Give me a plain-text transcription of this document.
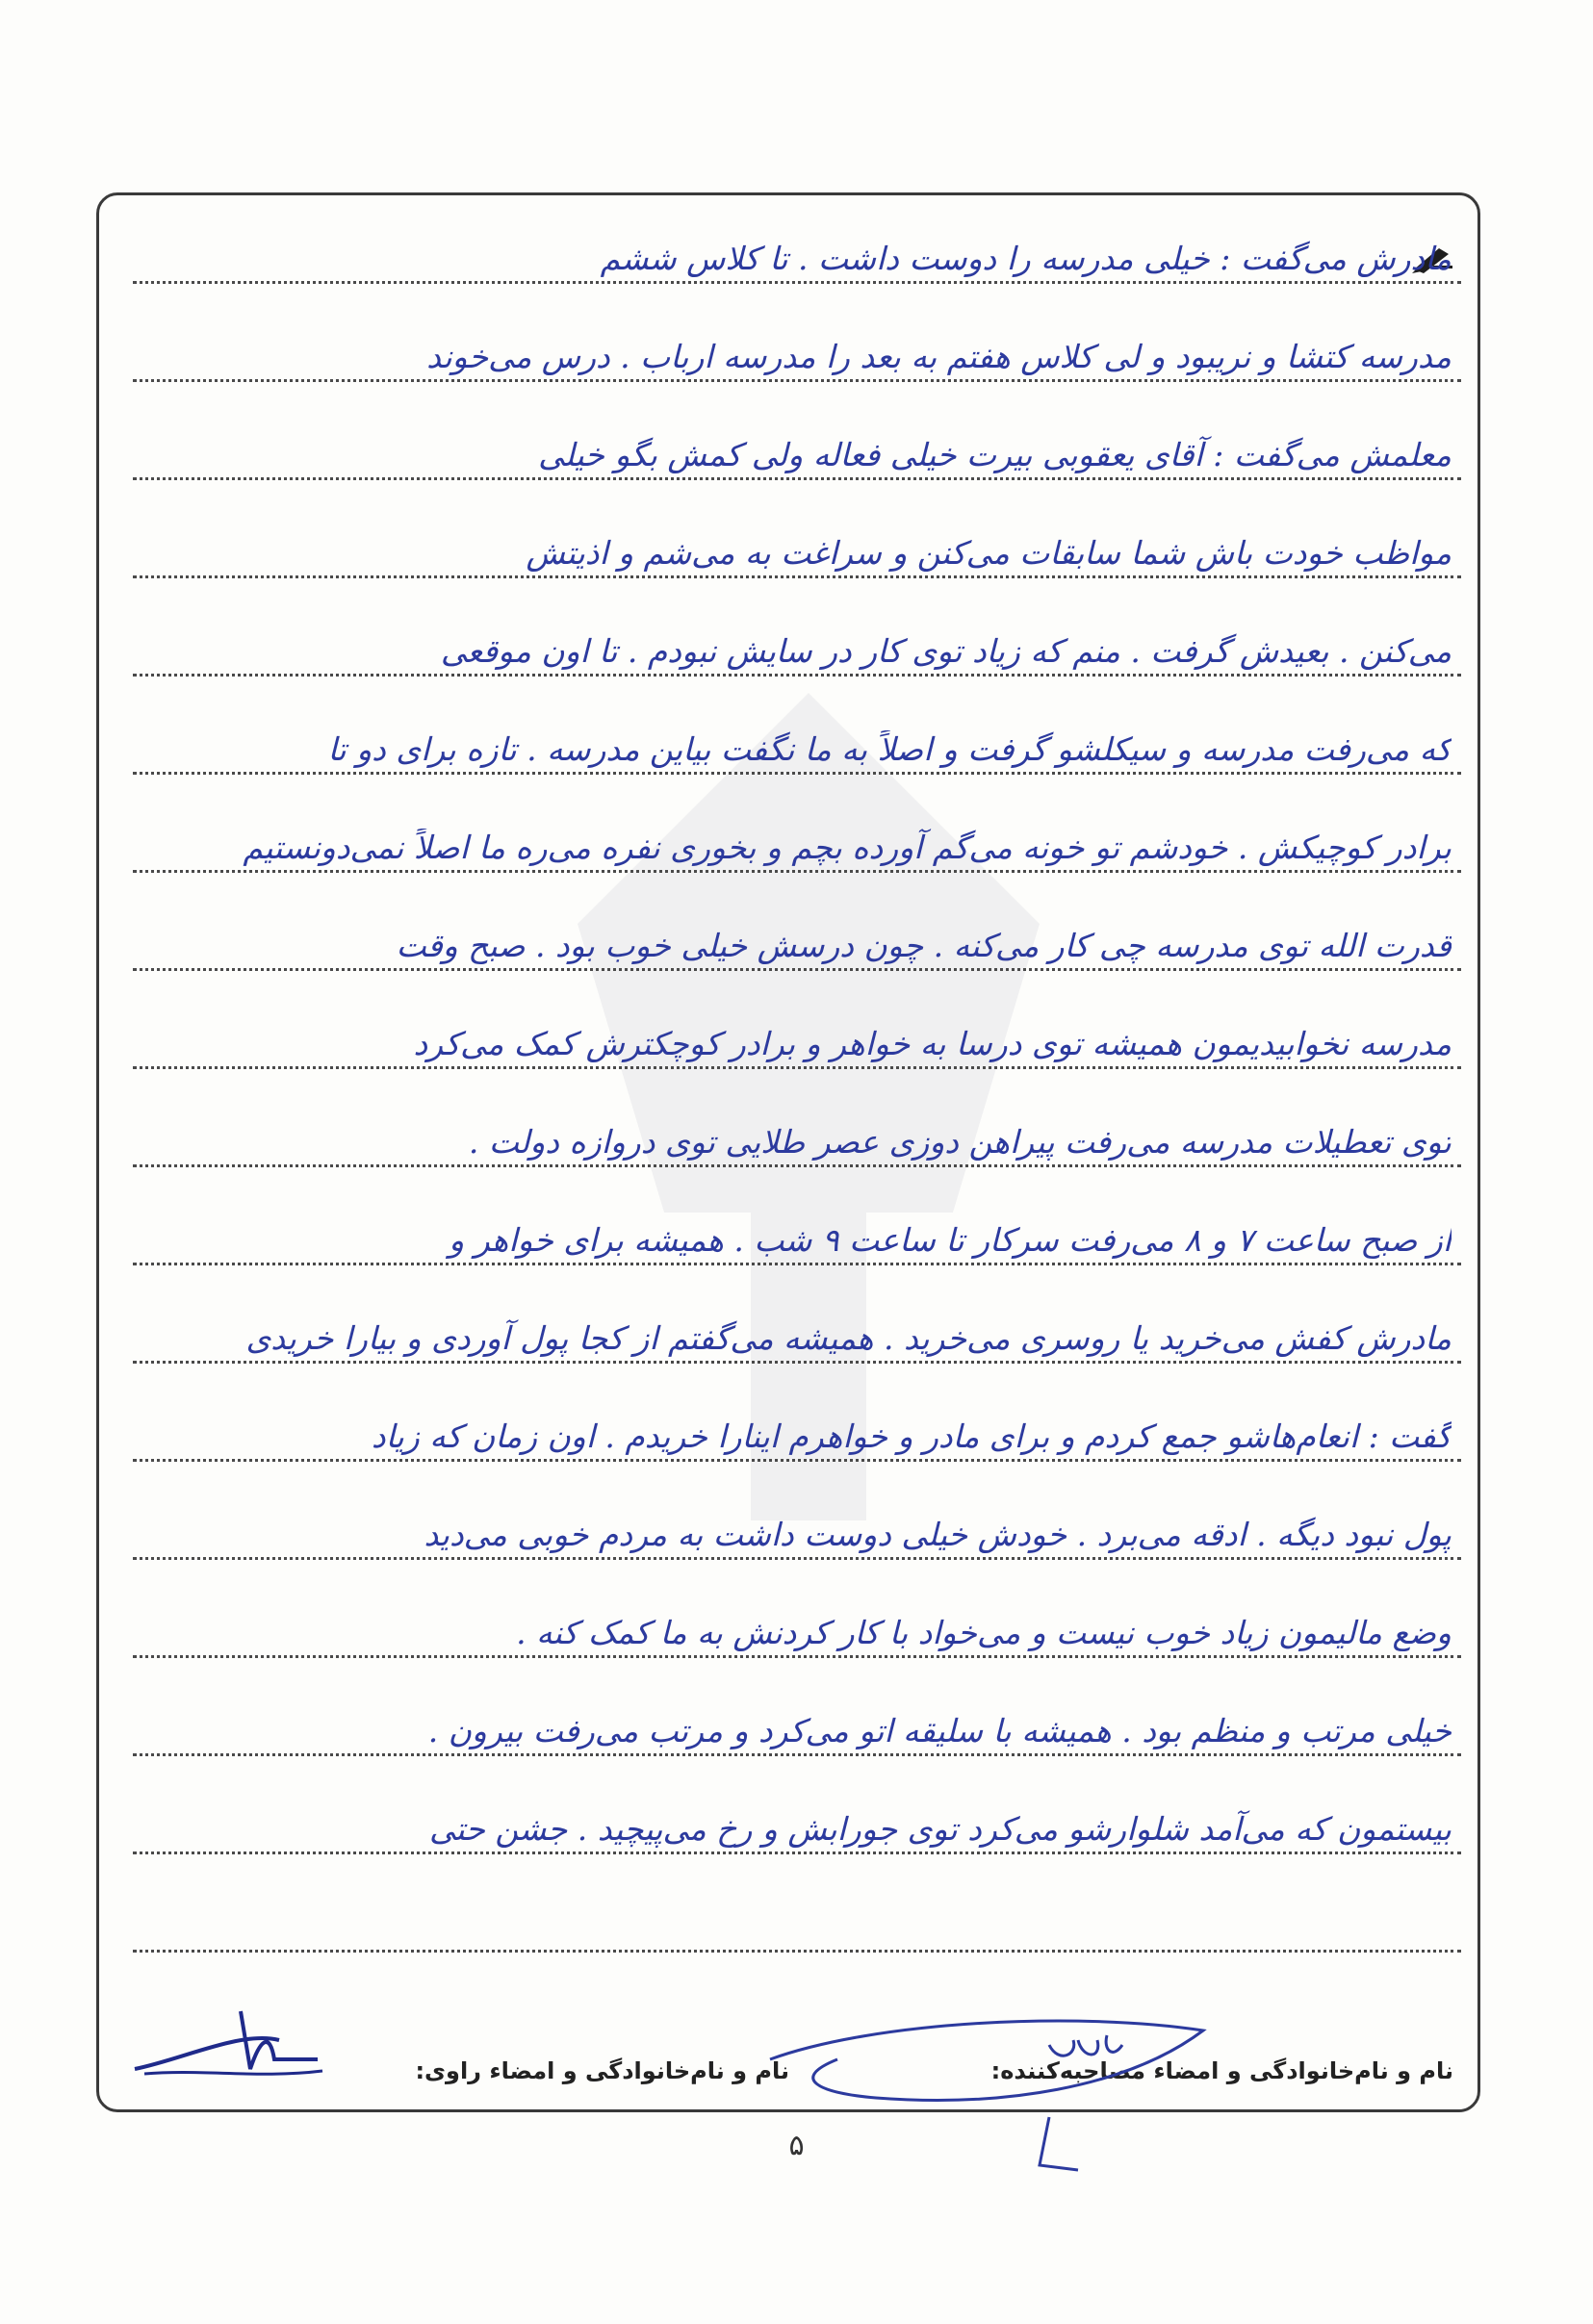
مادرش می‌گفت : خیلی مدرسه را دوست داشت . تا کلاس ششم
مدرسه کتشا و نریبود و لی کلاس هفتم به بعد را مدرسه ارباب . درس می‌خوند
معلمش می‌گفت : آقای یعقوبی بیرت خیلی فعاله ولی کمش بگو خیلی
مواظب خودت باش شما سابقات می‌کنن و سراغت به می‌شم و اذیتش
می‌کنن . بعیدش گرفت . منم که زیاد توی کار در سایش نبودم . تا اون موقعی
که می‌رفت مدرسه و سیکلشو گرفت و اصلاً به ما نگفت بیاین مدرسه . تازه برای دو تا
برادر کوچیکش . خودشم تو خونه می‌گم آورده بچم و بخوری نفره می‌ره ما اصلاً نمی‌دونستیم
قدرت الله توی مدرسه چی کار می‌کنه . چون درسش خیلی خوب بود . صبح وقت
مدرسه نخوابیدیمون همیشه توی درسا به خواهر و برادر کوچکترش کمک می‌کرد
توی تعطیلات مدرسه می‌رفت پیراهن دوزی عصر طلایی توی دروازه دولت .
از صبح ساعت ۷ و ۸ می‌رفت سرکار تا ساعت ۹ شب . همیشه برای خواهر و
مادرش کفش می‌خرید یا روسری می‌خرید . همیشه می‌گفتم از کجا پول آوردی و بیارا خریدی
گفت : انعام‌هاشو جمع کردم و برای مادر و خواهرم اینارا خریدم . اون زمان که زیاد
پول نبود دیگه . ادقه می‌برد . خودش خیلی دوست داشت به مردم خوبی می‌دید
وضع مالیمون زیاد خوب نیست و می‌خواد با کار کردنش به ما کمک کنه .
خیلی مرتب و منظم بود . همیشه با سلیقه اتو می‌کرد و مرتب می‌رفت بیرون .
بیستمون که می‌آمد شلوارشو می‌کرد توی جورابش و رخ می‌پیچید . جشن حتی
نام و نام‌خانوادگی و امضاء مصاحبه‌کننده:
نام و نام‌خانوادگی و امضاء راوی:
۵
